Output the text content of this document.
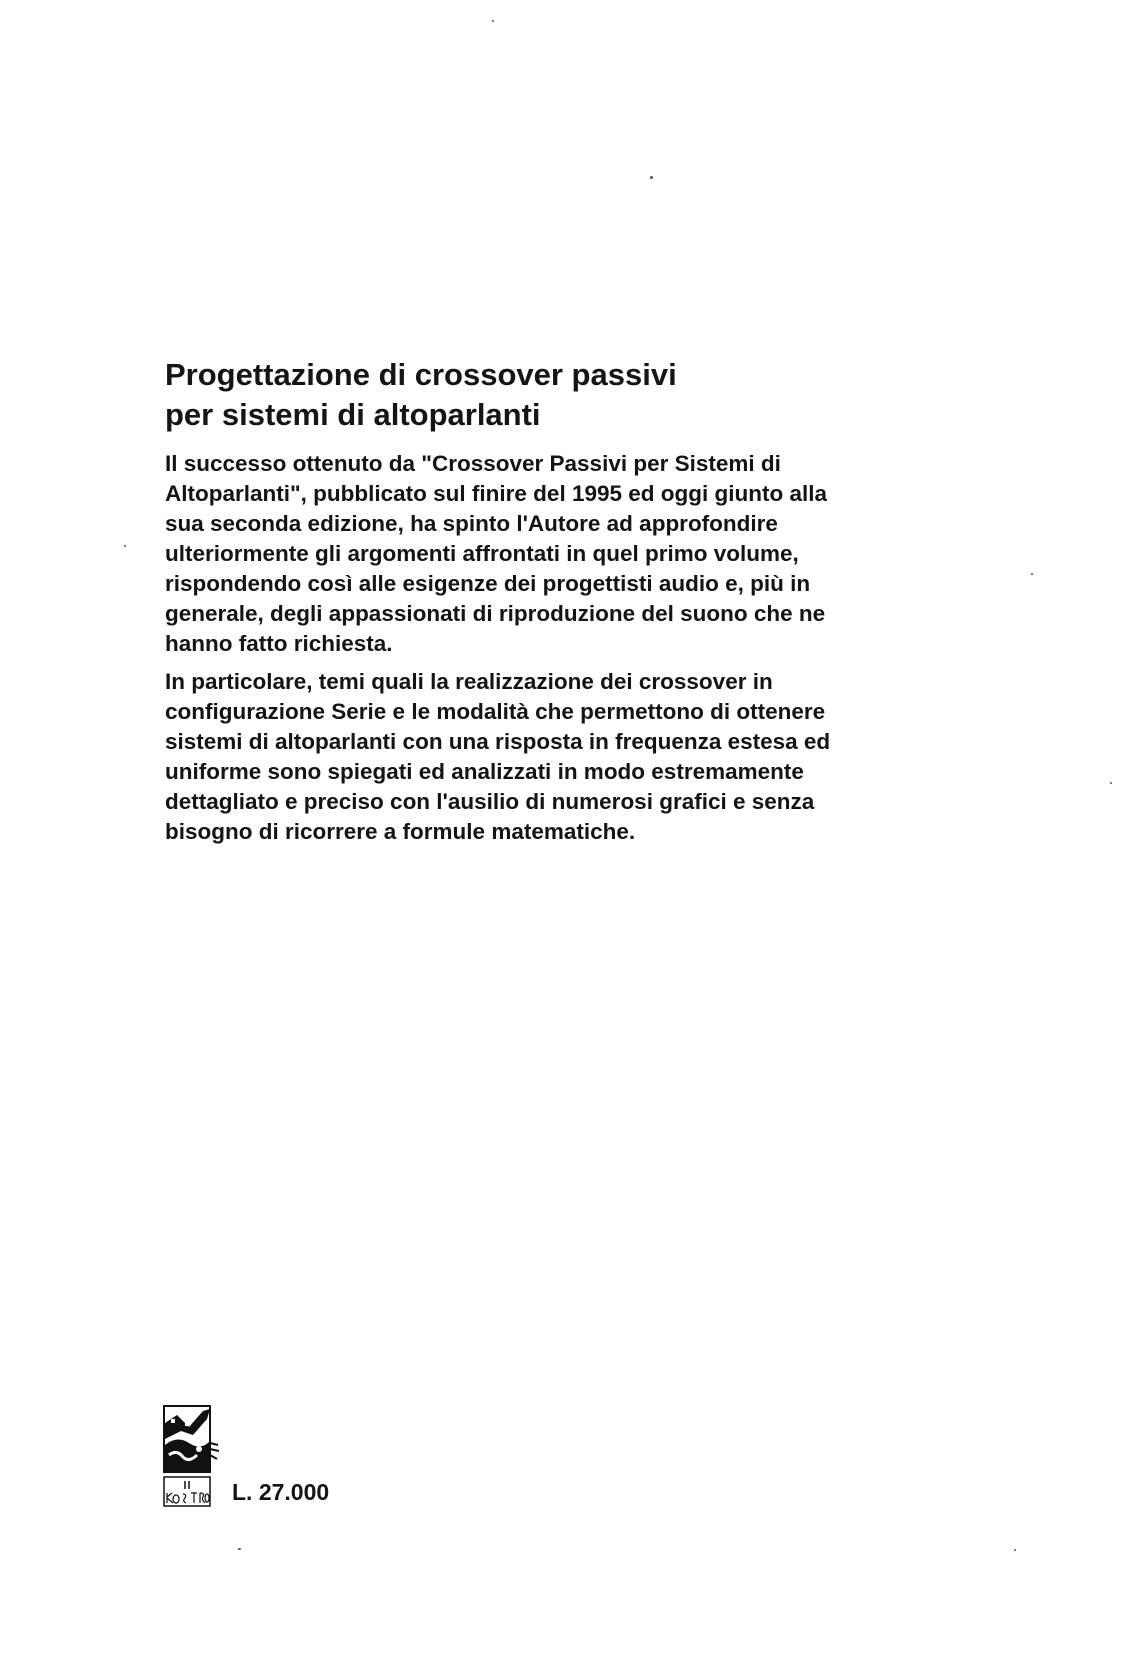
Progettazione di crossover passivi
per sistemi di altoparlanti

Il successo ottenuto da "Crossover Passivi per Sistemi di
Altoparlanti", pubblicato sul finire del 1995 ed oggi giunto alla
sua seconda edizione, ha spinto l'Autore ad approfondire
ulteriormente gli argomenti affrontati in quel primo volume,
rispondendo così alle esigenze dei progettisti audio e, più in
generale, degli appassionati di riproduzione del suono che ne
hanno fatto richiesta.

In particolare, temi quali la realizzazione dei crossover in
configurazione Serie e le modalità che permettono di ottenere
sistemi di altoparlanti con una risposta in frequenza estesa ed
uniforme sono spiegati ed analizzati in modo estremamente
dettagliato e preciso con l'ausilio di numerosi grafici e senza
bisogno di ricorrere a formule matematiche.

L. 27.000
